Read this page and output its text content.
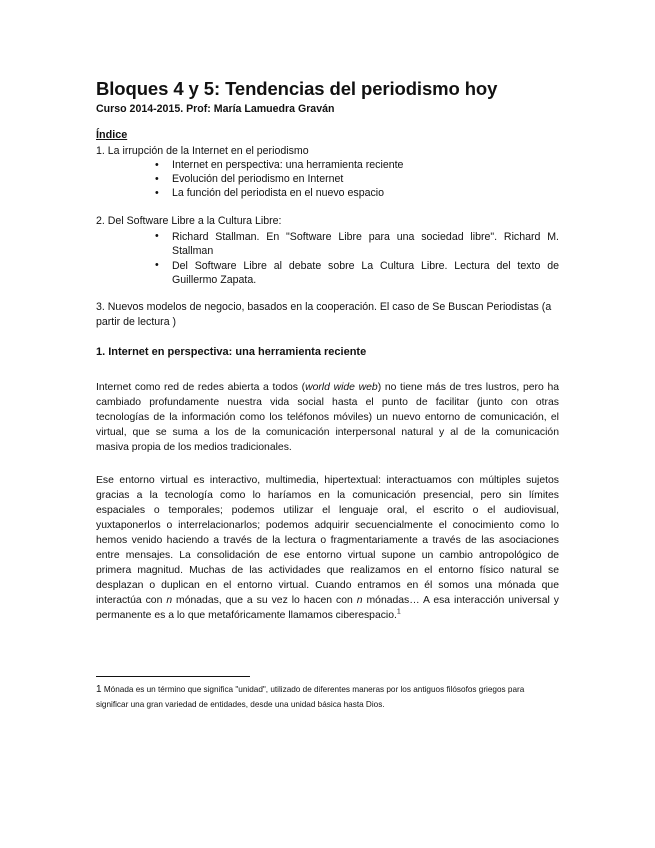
Bloques 4 y 5: Tendencias del periodismo hoy
Curso 2014-2015. Prof: María Lamuedra Graván
Índice
1. La irrupción de la Internet en el periodismo
• Internet en perspectiva: una herramienta reciente
• Evolución del periodismo en Internet
• La función del periodista en el nuevo espacio
2. Del Software Libre a la Cultura Libre:
• Richard Stallman. En "Software Libre para una sociedad libre". Richard M.
Stallman
• Del Software Libre al debate sobre La Cultura Libre. Lectura del texto de
Guillermo Zapata.
3. Nuevos modelos de negocio, basados en la cooperación. El caso de Se Buscan Periodistas (a
partir de lectura )
1. Internet en perspectiva: una herramienta reciente
Internet como red de redes abierta a todos (world wide web) no tiene más de tres lustros, pero ha
cambiado profundamente nuestra vida social hasta el punto de facilitar (junto con otras
tecnologías de la información como los teléfonos móviles) un nuevo entorno de comunicación, el
virtual, que se suma a los de la comunicación interpersonal natural y al de la comunicación
masiva propia de los medios tradicionales.
Ese entorno virtual es interactivo, multimedia, hipertextual: interactuamos con múltiples sujetos
gracias a la tecnología como lo haríamos en la comunicación presencial, pero sin límites
espaciales o temporales; podemos utilizar el lenguaje oral, el escrito o el audiovisual,
yuxtaponerlos o interrelacionarlos; podemos adquirir secuencialmente el conocimiento como lo
hemos venido haciendo a través de la lectura o fragmentariamente a través de las asociaciones
entre mensajes. La consolidación de ese entorno virtual supone un cambio antropológico de
primera magnitud. Muchas de las actividades que realizamos en el entorno físico natural se
desplazan o duplican en el entorno virtual. Cuando entramos en él somos una mónada que
interactúa con n mónadas, que a su vez lo hacen con n mónadas… A esa interacción universal y
permanente es a lo que metafóricamente llamamos ciberespacio.$^1$
1 Mónada es un término que significa "unidad", utilizado de diferentes maneras por los antiguos filósofos griegos para
significar una gran variedad de entidades, desde una unidad básica hasta Dios.
